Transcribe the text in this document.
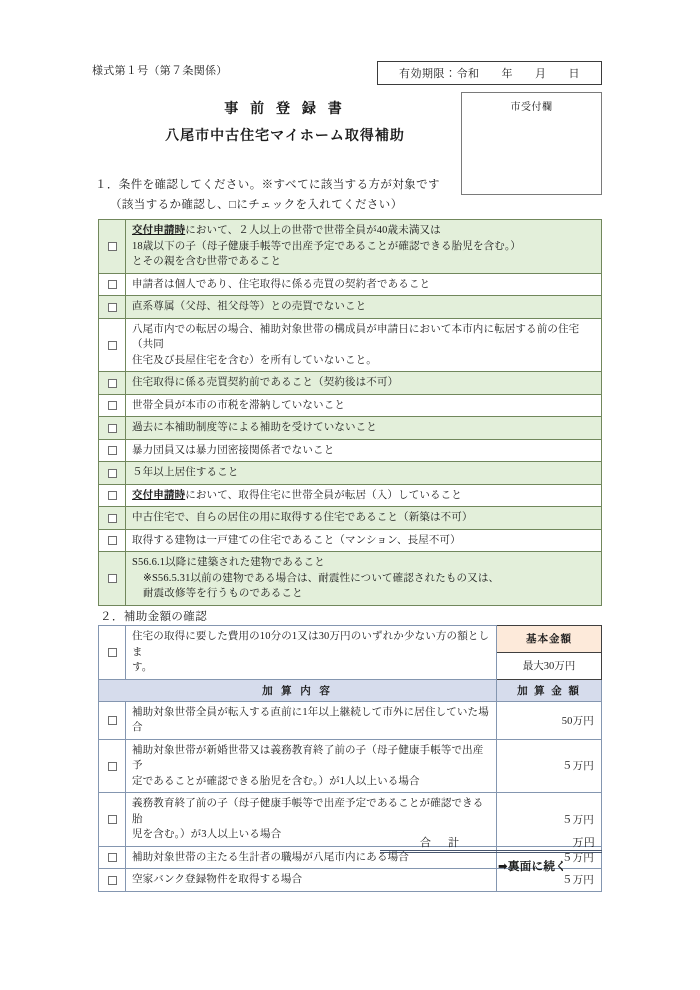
様式第１号（第７条関係）	有効期限：令和 年 月 日
市受付欄
事 前 登 録 書
八尾市中古住宅マイホーム取得補助
１．条件を確認してください。※すべてに該当する方が対象です
（該当するか確認し、□にチェックを入れてください）
	交付申請時において、２人以上の世帯で世帯全員が40歳未満又は
18歳以下の子（母子健康手帳等で出産予定であることが確認できる胎児を含む。）
とその親を含む世帯であること
	申請者は個人であり、住宅取得に係る売買の契約者であること
	直系尊属（父母、祖父母等）との売買でないこと
	八尾市内での転居の場合、補助対象世帯の構成員が申請日において本市内に転居する前の住宅（共同
住宅及び長屋住宅を含む）を所有していないこと。
	住宅取得に係る売買契約前であること（契約後は不可）
	世帯全員が本市の市税を滞納していないこと
	過去に本補助制度等による補助を受けていないこと
	暴力団員又は暴力団密接関係者でないこと
	５年以上居住すること
	交付申請時において、取得住宅に世帯全員が転居（入）していること
	中古住宅で、自らの居住の用に取得する住宅であること（新築は不可）
	取得する建物は一戸建ての住宅であること（マンション、長屋不可）
	S56.6.1以降に建築された建物であること
※S56.5.31以前の建物である場合は、耐震性について確認されたもの又は、
耐震改修等を行うものであること
２．補助金額の確認
	住宅の取得に要した費用の10分の1又は30万円のいずれか少ない方の額としま
す。	基本金額
		最大30万円
加 算 内 容		加 算 金 額
	補助対象世帯全員が転入する直前に1年以上継続して市外に居住していた場合	50万円
	補助対象世帯が新婚世帯又は義務教育終了前の子（母子健康手帳等で出産予
定であることが確認できる胎児を含む。）が1人以上いる場合	５万円
	義務教育終了前の子（母子健康手帳等で出産予定であることが確認できる胎
児を含む。）が3人以上いる場合	５万円
	補助対象世帯の主たる生計者の職場が八尾市内にある場合	５万円
	空家バンク登録物件を取得する場合	５万円
合　計	万円
➡裏面に続く
